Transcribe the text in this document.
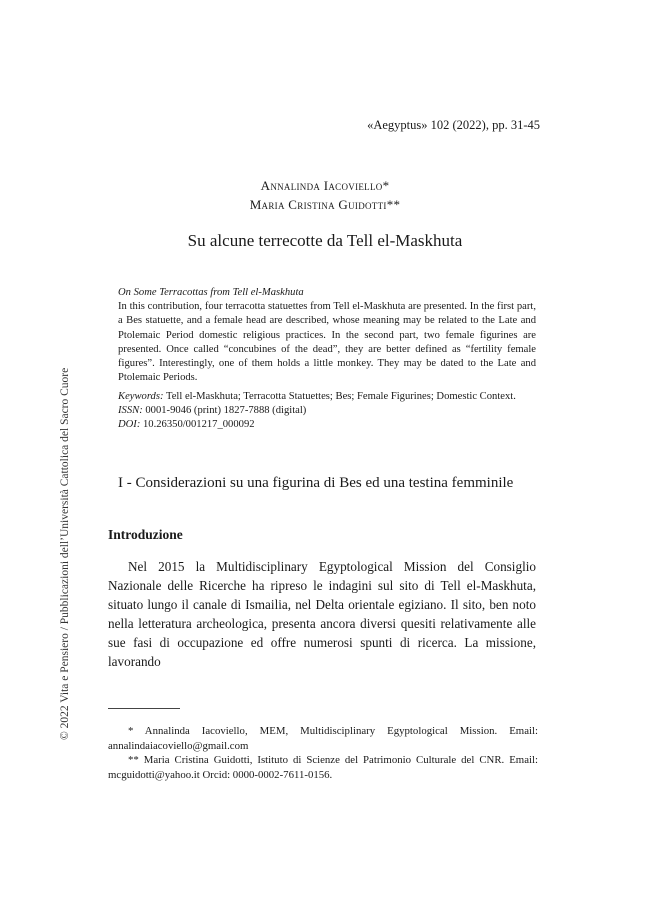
© 2022 Vita e Pensiero / Pubblicazioni dell’Università Cattolica del Sacro Cuore
«Aegyptus» 102 (2022), pp. 31-45
Annalinda Iacoviello*
Maria Cristina Guidotti**
Su alcune terrecotte da Tell el-Maskhuta
On Some Terracottas from Tell el-Maskhuta

In this contribution, four terracotta statuettes from Tell el-Maskhuta are presented. In the first part, a Bes statuette, and a female head are described, whose meaning may be related to the Late and Ptolemaic Period domestic religious practices. In the second part, two female figurines are presented. Once called “concubines of the dead”, they are better defined as “fertility female figures”. Interestingly, one of them holds a little monkey. They may be dated to the Late and Ptolemaic Periods.

Keywords: Tell el-Maskhuta; Terracotta Statuettes; Bes; Female Figurines; Domestic Context.
ISSN: 0001-9046 (print) 1827-7888 (digital)
DOI: 10.26350/001217_000092
I - Considerazioni su una figurina di Bes ed una testina femminile
Introduzione

Nel 2015 la Multidisciplinary Egyptological Mission del Consiglio Nazionale delle Ricerche ha ripreso le indagini sul sito di Tell el-Maskhuta, situato lungo il canale di Ismailia, nel Delta orientale egiziano. Il sito, ben noto nella letteratura archeologica, presenta ancora diversi quesiti relativamente alle sue fasi di occupazione ed offre numerosi spunti di ricerca. La missione, lavorando

* Annalinda Iacoviello, MEM, Multidisciplinary Egyptological Mission. Email: annalindaiacoviello@gmail.com

** Maria Cristina Guidotti, Istituto di Scienze del Patrimonio Culturale del CNR. Email: mcguidotti@yahoo.it Orcid: 0000-0002-7611-0156.
